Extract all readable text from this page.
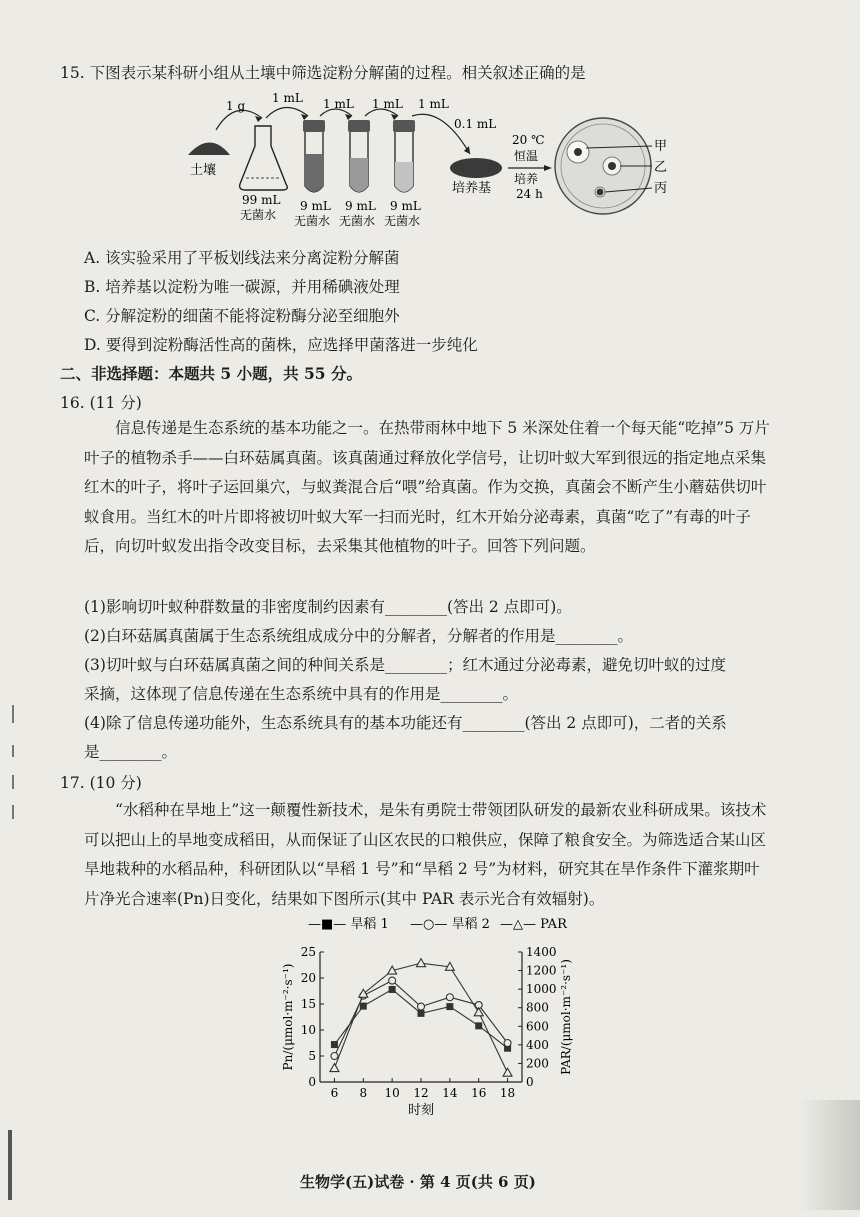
15. 下图表示某科研小组从土壤中筛选淀粉分解菌的过程。相关叙述正确的是
土壤
1 g
99 mL
无菌水
1 mL
9 mL
无菌水
1 mL
9 mL
无菌水
1 mL
9 mL
无菌水
1 mL
0.1 mL
培养基
20 ℃
恒温
培养
24 h
甲
乙
丙
A. 该实验采用了平板划线法来分离淀粉分解菌
B. 培养基以淀粉为唯一碳源，并用稀碘液处理
C. 分解淀粉的细菌不能将淀粉酶分泌至细胞外
D. 要得到淀粉酶活性高的菌株，应选择甲菌落进一步纯化
二、非选择题：本题共 5 小题，共 55 分。
16. (11 分)
信息传递是生态系统的基本功能之一。在热带雨林中地下 5 米深处住着一个每天能“吃掉”5 万片叶子的植物杀手——白环菇属真菌。该真菌通过释放化学信号，让切叶蚁大军到很远的指定地点采集红木的叶子，将叶子运回巢穴，与蚁粪混合后“喂”给真菌。作为交换，真菌会不断产生小蘑菇供切叶蚁食用。当红木的叶片即将被切叶蚁大军一扫而光时，红木开始分泌毒素，真菌“吃了”有毒的叶子后，向切叶蚁发出指令改变目标，去采集其他植物的叶子。回答下列问题。
(1)影响切叶蚁种群数量的非密度制约因素有________(答出 2 点即可)。
(2)白环菇属真菌属于生态系统组成成分中的分解者，分解者的作用是________。
(3)切叶蚁与白环菇属真菌之间的种间关系是________；红木通过分泌毒素，避免切叶蚁的过度
采摘，这体现了信息传递在生态系统中具有的作用是________。
(4)除了信息传递功能外，生态系统具有的基本功能还有________(答出 2 点即可)，二者的关系
是________。
17. (10 分)
“水稻种在旱地上”这一颠覆性新技术，是朱有勇院士带领团队研发的最新农业科研成果。该技术可以把山上的旱地变成稻田，从而保证了山区农民的口粮供应，保障了粮食安全。为筛选适合某山区旱地栽种的水稻品种，科研团队以“旱稻 1 号”和“旱稻 2 号”为材料，研究其在旱作条件下灌浆期叶片净光合速率(Pn)日变化，结果如下图所示(其中 PAR 表示光合有效辐射)。
0
5
10
15
20
25
0
200
400
600
800
1000
1200
1400
6 8 10 12 14 16 18
时刻
Pn/(μmol·m⁻²·s⁻¹)	PAR/(μmol·m⁻²·s⁻¹)
—■— 旱稻 1 —○— 旱稻 2 —△— PAR
生物学(五)试卷 · 第 4 页(共 6 页)
